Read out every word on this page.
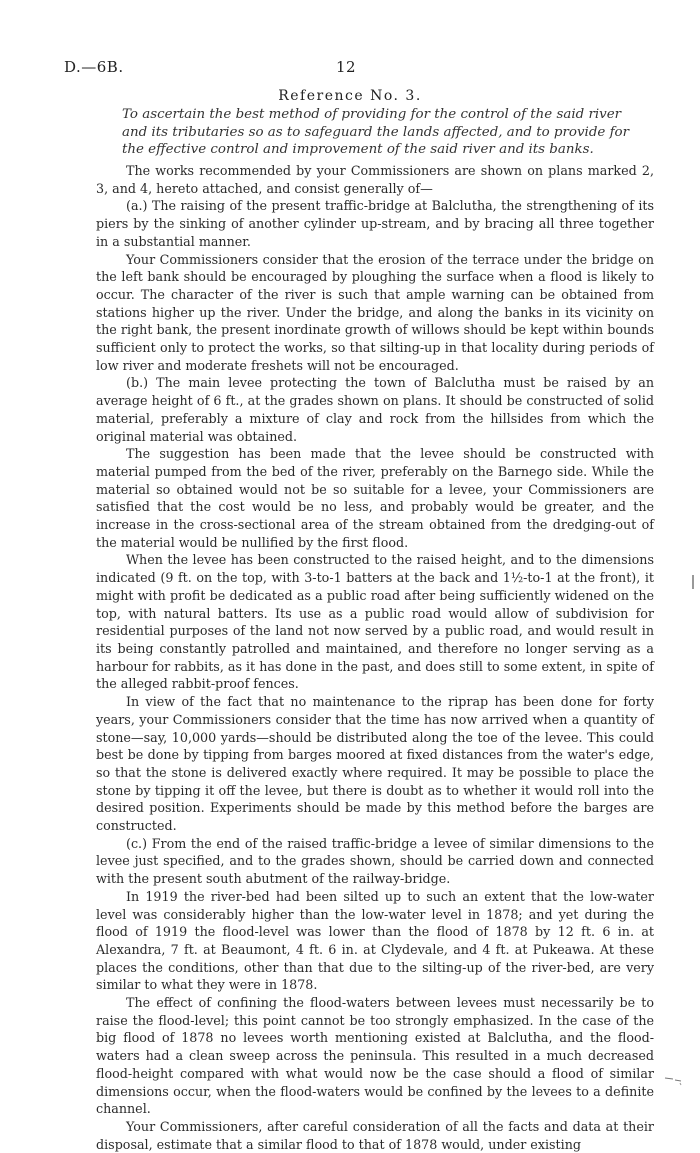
D.—6B.	12
Reference No. 3.
To ascertain the best method of providing for the control of the said river and its tributaries so as to safeguard the lands affected, and to provide for the effective control and improvement of the said river and its banks.

The works recommended by your Commissioners are shown on plans marked 2, 3, and 4, hereto attached, and consist generally of—

(a.) The raising of the present traffic-bridge at Balclutha, the strengthening of its piers by the sinking of another cylinder up-stream, and by bracing all three together in a substantial manner.

Your Commissioners consider that the erosion of the terrace under the bridge on the left bank should be encouraged by ploughing the surface when a flood is likely to occur. The character of the river is such that ample warning can be obtained from stations higher up the river. Under the bridge, and along the banks in its vicinity on the right bank, the present inordinate growth of willows should be kept within bounds sufficient only to protect the works, so that silting-up in that locality during periods of low river and moderate freshets will not be encouraged.

(b.) The main levee protecting the town of Balclutha must be raised by an average height of 6 ft., at the grades shown on plans. It should be constructed of solid material, preferably a mixture of clay and rock from the hillsides from which the original material was obtained.

The suggestion has been made that the levee should be constructed with material pumped from the bed of the river, preferably on the Barnego side. While the material so obtained would not be so suitable for a levee, your Commissioners are satisfied that the cost would be no less, and probably would be greater, and the increase in the cross-sectional area of the stream obtained from the dredging-out of the material would be nullified by the first flood.

When the levee has been constructed to the raised height, and to the dimensions indicated (9 ft. on the top, with 3-to-1 batters at the back and 1½-to-1 at the front), it might with profit be dedicated as a public road after being sufficiently widened on the top, with natural batters. Its use as a public road would allow of subdivision for residential purposes of the land not now served by a public road, and would result in its being constantly patrolled and maintained, and therefore no longer serving as a harbour for rabbits, as it has done in the past, and does still to some extent, in spite of the alleged rabbit-proof fences.

In view of the fact that no maintenance to the riprap has been done for forty years, your Commissioners consider that the time has now arrived when a quantity of stone—say, 10,000 yards—should be distributed along the toe of the levee. This could best be done by tipping from barges moored at fixed distances from the water's edge, so that the stone is delivered exactly where required. It may be possible to place the stone by tipping it off the levee, but there is doubt as to whether it would roll into the desired position. Experiments should be made by this method before the barges are constructed.

(c.) From the end of the raised traffic-bridge a levee of similar dimensions to the levee just specified, and to the grades shown, should be carried down and connected with the present south abutment of the railway-bridge.

In 1919 the river-bed had been silted up to such an extent that the low-water level was considerably higher than the low-water level in 1878; and yet during the flood of 1919 the flood-level was lower than the flood of 1878 by 12 ft. 6 in. at Alexandra, 7 ft. at Beaumont, 4 ft. 6 in. at Clydevale, and 4 ft. at Pukeawa. At these places the conditions, other than that due to the silting-up of the river-bed, are very similar to what they were in 1878.

The effect of confining the flood-waters between levees must necessarily be to raise the flood-level; this point cannot be too strongly emphasized. In the case of the big flood of 1878 no levees worth mentioning existed at Balclutha, and the flood-waters had a clean sweep across the peninsula. This resulted in a much decreased flood-height compared with what would now be the case should a flood of similar dimensions occur, when the flood-waters would be confined by the levees to a definite channel.

Your Commissioners, after careful consideration of all the facts and data at their disposal, estimate that a similar flood to that of 1878 would, under existing
